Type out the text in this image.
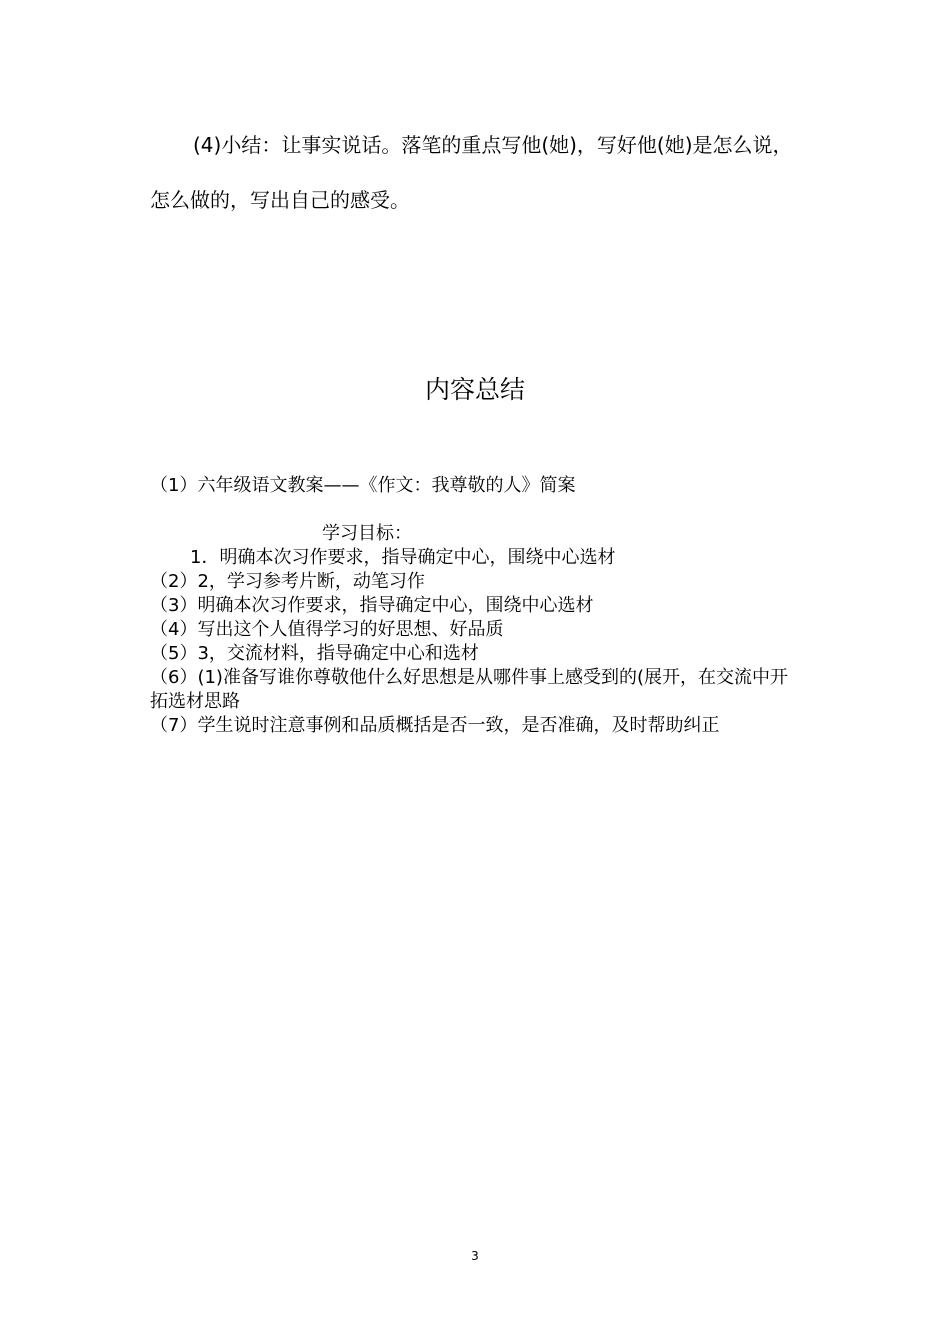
(4)小结：让事实说话。落笔的重点写他(她)，写好他(她)是怎么说，怎么做的，写出自己的感受。

内容总结
（1）六年级语文教案——《作文：我尊敬的人》简案
学习目标：
1．明确本次习作要求，指导确定中心，围绕中心选材
（2）2，学习参考片断，动笔习作
（3）明确本次习作要求，指导确定中心，围绕中心选材
（4）写出这个人值得学习的好思想、好品质
（5）3，交流材料，指导确定中心和选材
（6）(1)准备写谁你尊敬他什么好思想是从哪件事上感受到的(展开，在交流中开拓选材思路
（7）学生说时注意事例和品质概括是否一致，是否准确，及时帮助纠正
3
